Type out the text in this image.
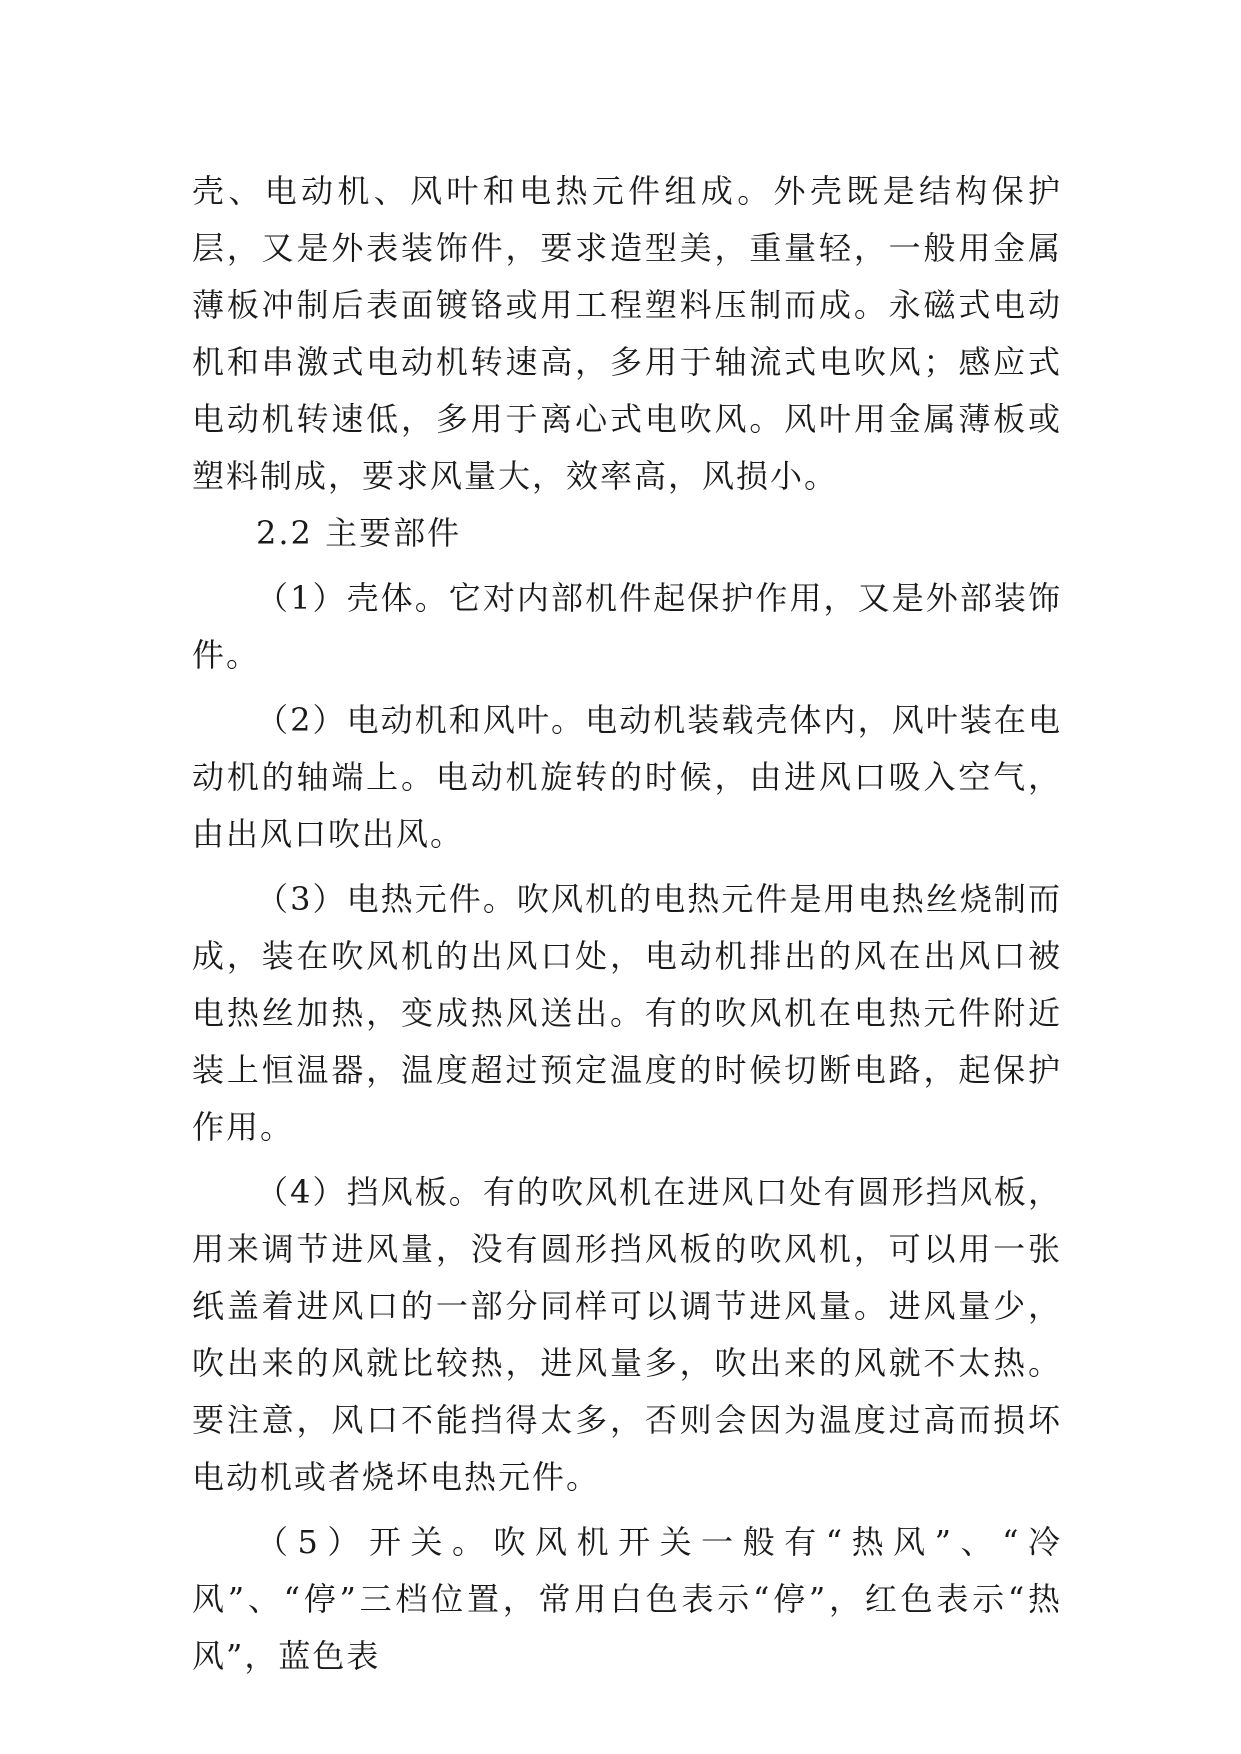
壳、电动机、风叶和电热元件组成。外壳既是结构保护层，又是外表装饰件，要求造型美，重量轻，一般用金属薄板冲制后表面镀铬或用工程塑料压制而成。永磁式电动机和串激式电动机转速高，多用于轴流式电吹风；感应式电动机转速低，多用于离心式电吹风。风叶用金属薄板或塑料制成，要求风量大，效率高，风损小。

2.2 主要部件

（1）壳体。它对内部机件起保护作用，又是外部装饰件。

（2）电动机和风叶。电动机装载壳体内，风叶装在电动机的轴端上。电动机旋转的时候，由进风口吸入空气，由出风口吹出风。

（3）电热元件。吹风机的电热元件是用电热丝烧制而成，装在吹风机的出风口处，电动机排出的风在出风口被电热丝加热，变成热风送出。有的吹风机在电热元件附近装上恒温器，温度超过预定温度的时候切断电路，起保护作用。

（4）挡风板。有的吹风机在进风口处有圆形挡风板，用来调节进风量，没有圆形挡风板的吹风机，可以用一张纸盖着进风口的一部分同样可以调节进风量。进风量少，吹出来的风就比较热，进风量多，吹出来的风就不太热。要注意，风口不能挡得太多，否则会因为温度过高而损坏电动机或者烧坏电热元件。

（5）开关。吹风机开关一般有“热风”、“冷风”、“停”三档位置，常用白色表示“停”，红色表示“热风”，蓝色表
